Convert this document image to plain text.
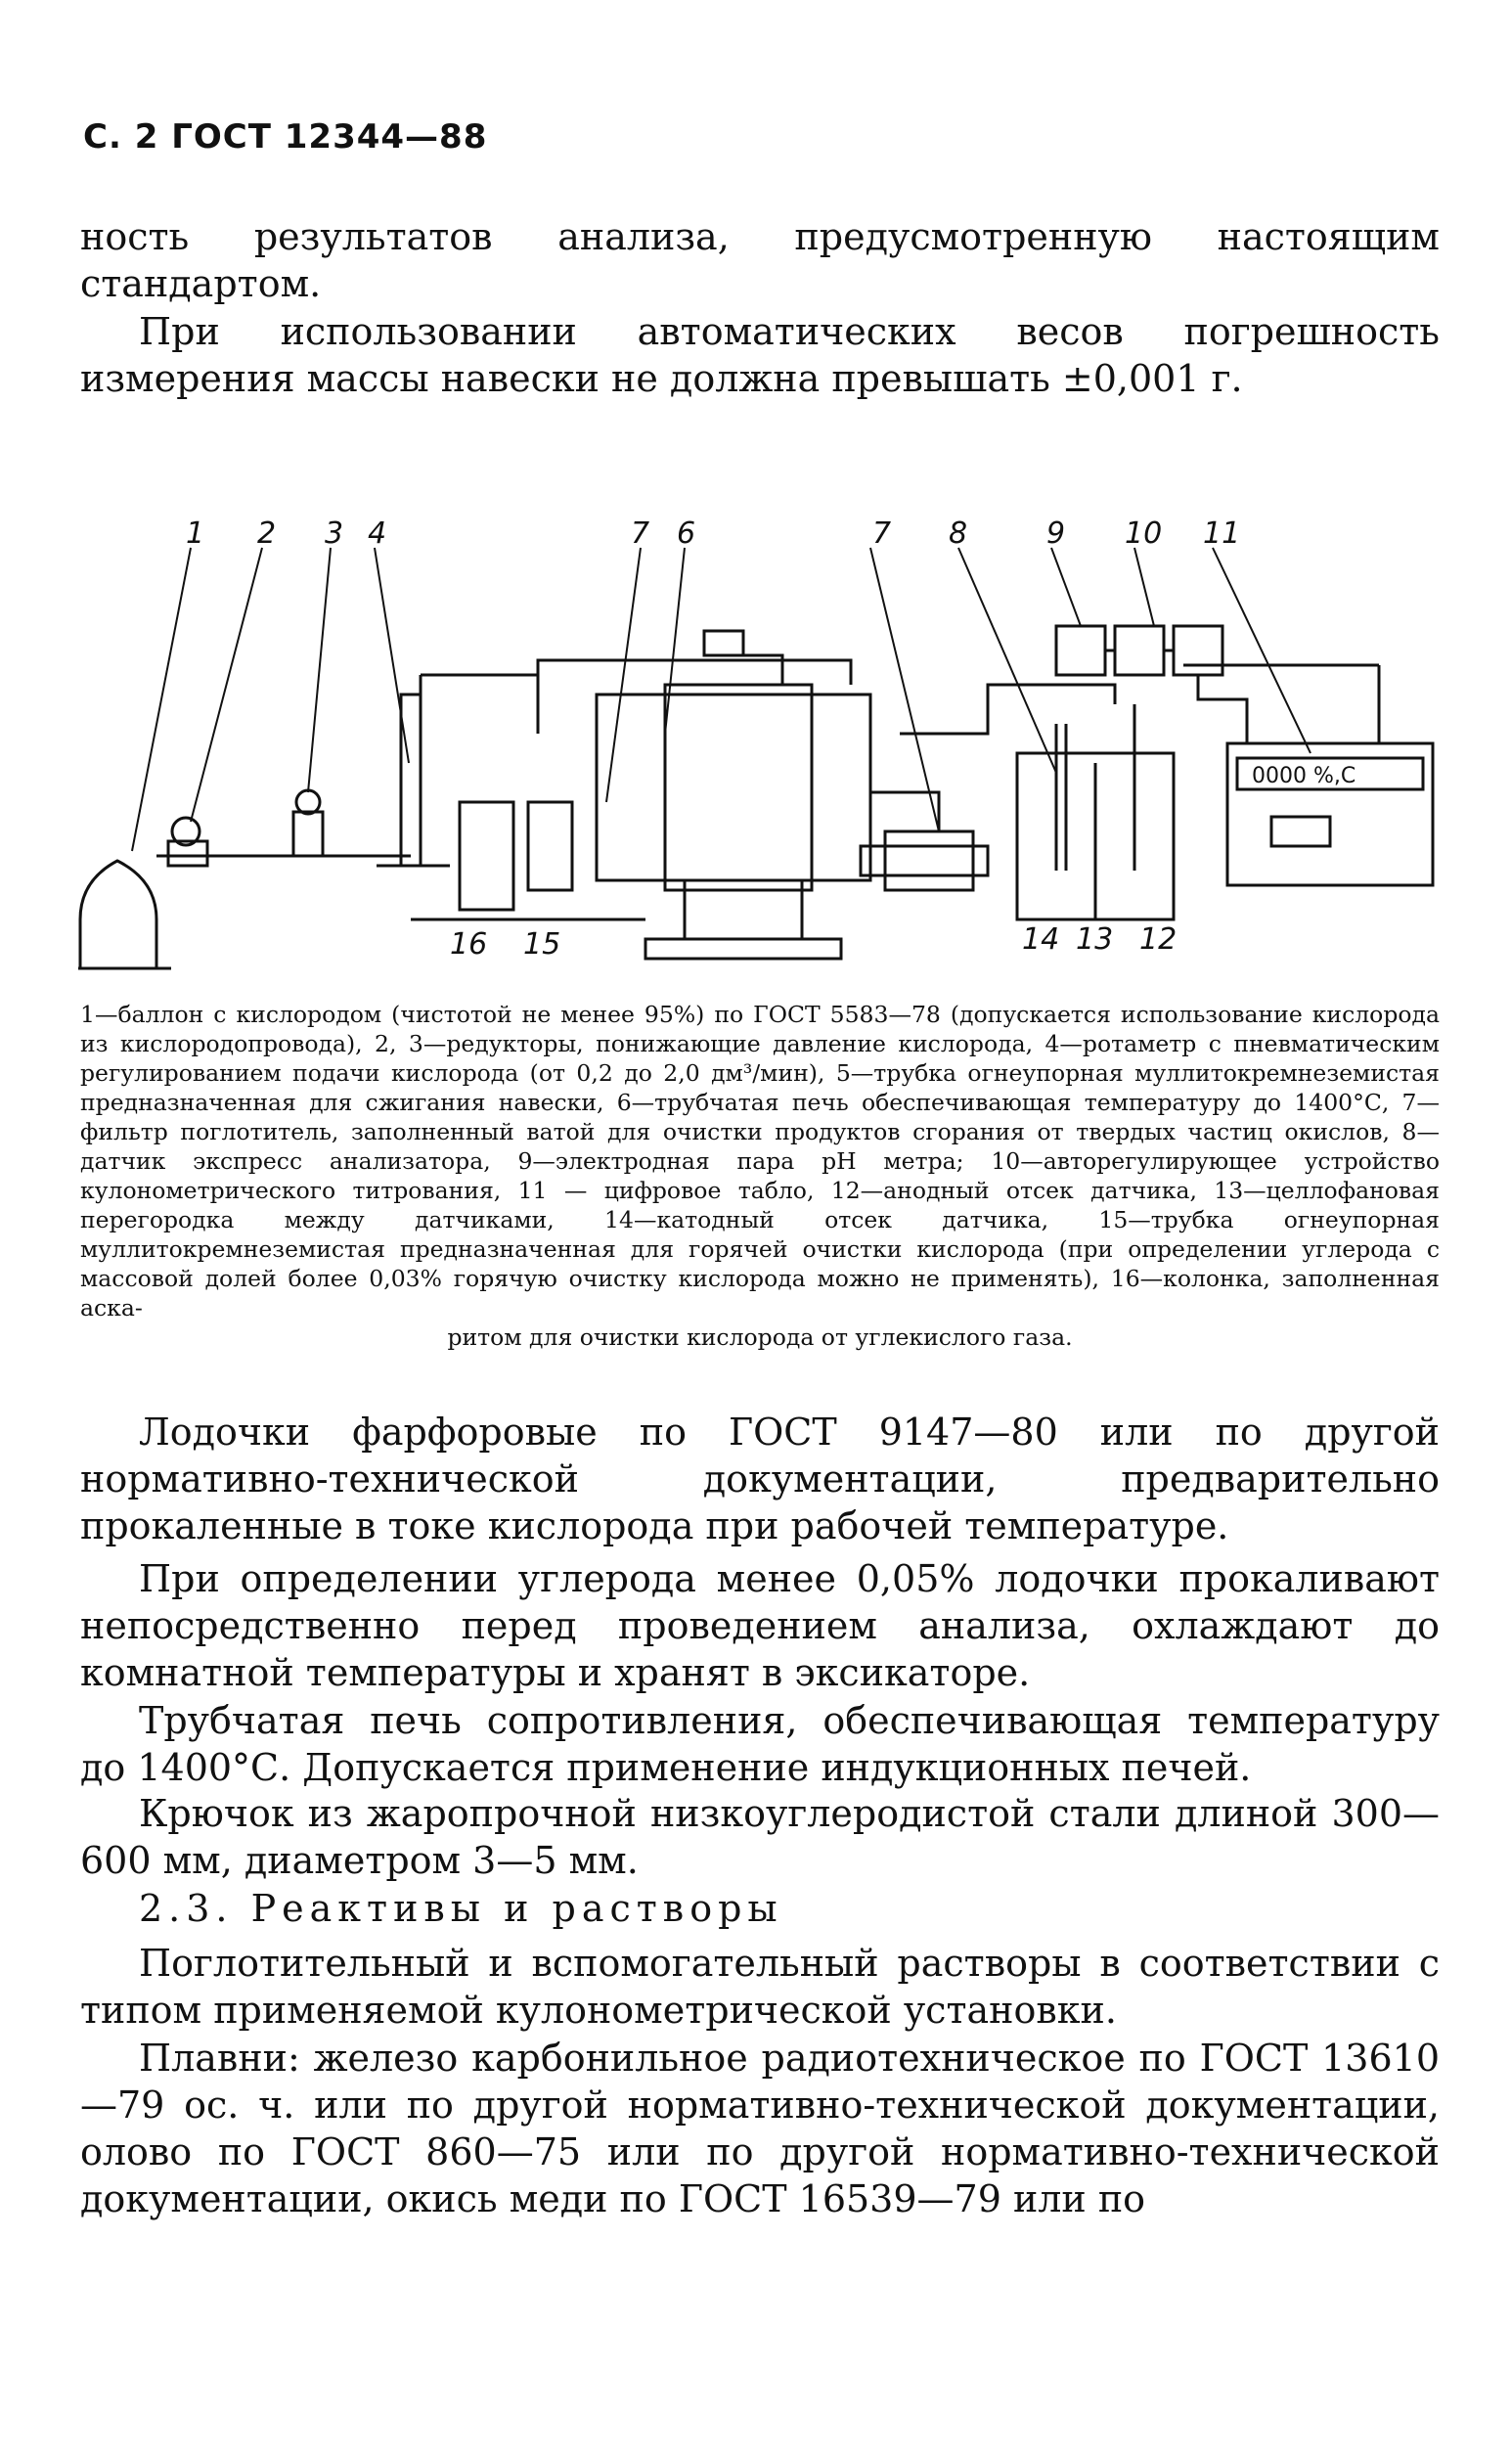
С. 2 ГОСТ 12344—88
ность результатов анализа, предусмотренную настоящим стандартом.
При использовании автоматических весов погрешность измерения массы навески не должна превышать ±0,001 г.
1 2 3 4	7 6	7 8	9 10 11
16 15	14 13 12
0000 %,С
1—баллон с кислородом (чистотой не менее 95%) по ГОСТ 5583—78 (допускается использование кислорода из кислородопровода), 2, 3—редукторы, понижающие давление кислорода, 4—ротаметр с пневматическим регулированием подачи кислорода (от 0,2 до 2,0 дм³/мин), 5—трубка огнеупорная муллитокремнеземистая предназначенная для сжигания навески, 6—трубчатая печь обеспечивающая температуру до 1400°С, 7—фильтр поглотитель, заполненный ватой для очистки продуктов сгорания от твердых частиц окислов, 8—датчик экспресс анализатора, 9—электродная пара pH метра; 10—авторегулирующее устройство кулонометрического титрования, 11 — цифровое табло, 12—анодный отсек датчика, 13—целлофановая перегородка между датчиками, 14—катодный отсек датчика, 15—трубка огнеупорная муллитокремнеземистая предназначенная для горячей очистки кислорода (при определении углерода с массовой долей более 0,03% горячую очистку кислорода можно не применять), 16—колонка, заполненная аска-
ритом для очистки кислорода от углекислого газа.
Лодочки фарфоровые по ГОСТ 9147—80 или по другой нормативно-технической документации, предварительно прокаленные в токе кислорода при рабочей температуре.
При определении углерода менее 0,05% лодочки прокаливают непосредственно перед проведением анализа, охлаждают до комнатной температуры и хранят в эксикаторе.
Трубчатая печь сопротивления, обеспечивающая температуру до 1400°С. Допускается применение индукционных печей.
Крючок из жаропрочной низкоуглеродистой стали длиной 300—600 мм, диаметром 3—5 мм.
2.3. Реактивы и растворы
Поглотительный и вспомогательный растворы в соответствии с типом применяемой кулонометрической установки.
Плавни: железо карбонильное радиотехническое по ГОСТ 13610—79 ос. ч. или по другой нормативно-технической документации, олово по ГОСТ 860—75 или по другой нормативно-технической документации, окись меди по ГОСТ 16539—79 или по
